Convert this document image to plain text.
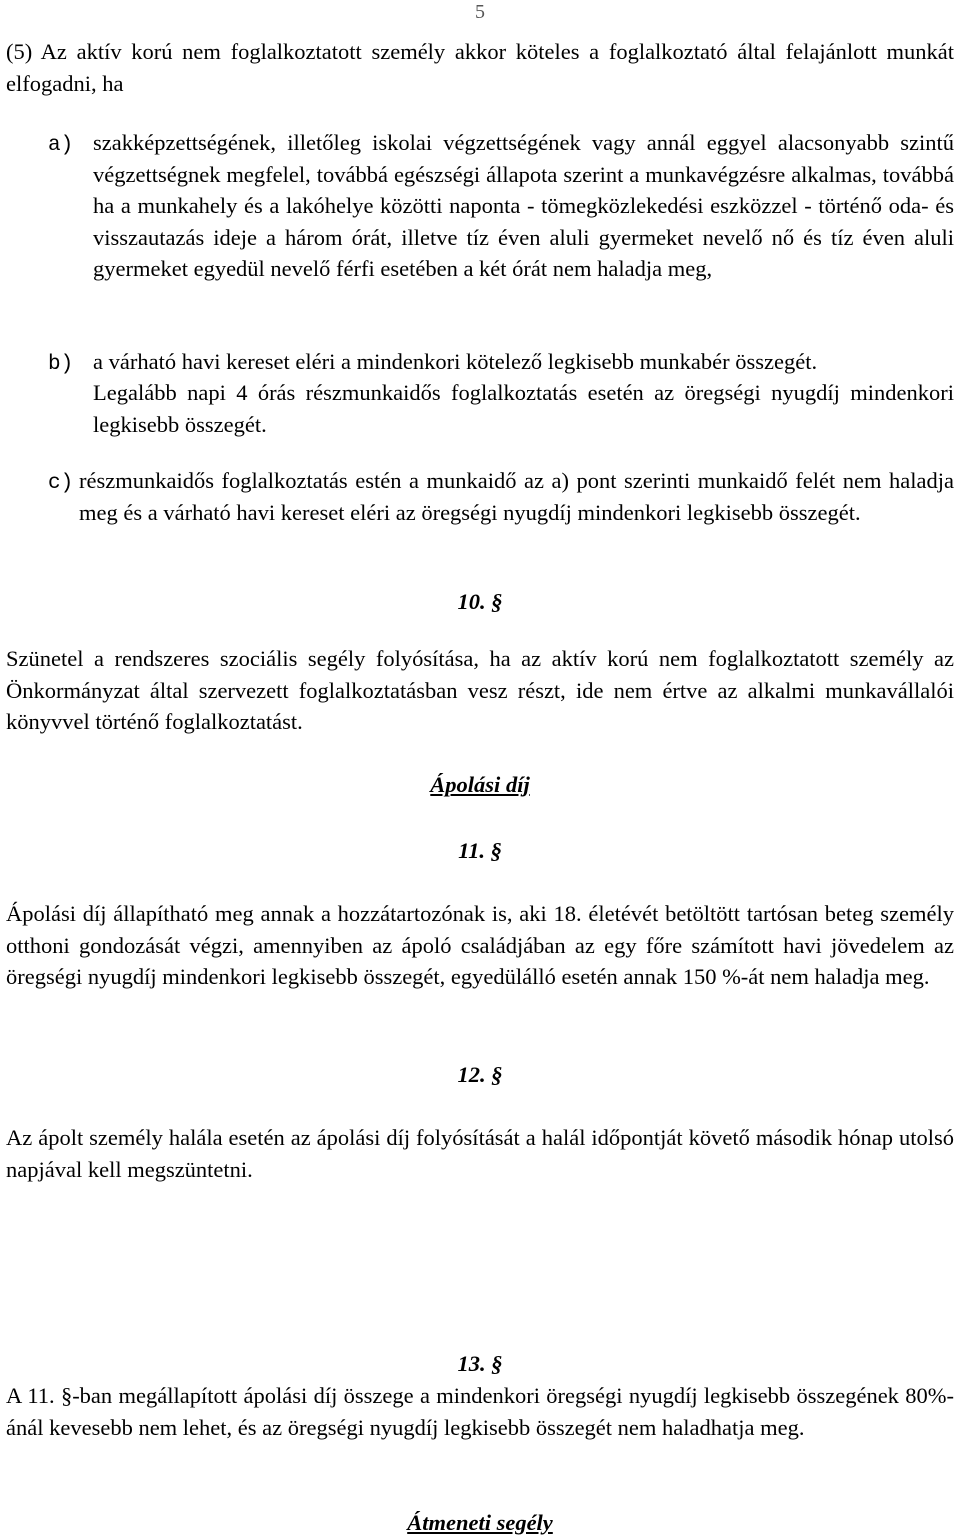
5
(5) Az aktív korú nem foglalkoztatott személy akkor köteles a foglalkoztató által felajánlott munkát elfogadni, ha
a) szakképzettségének, illetőleg iskolai végzettségének vagy annál eggyel alacsonyabb szintű végzettségnek megfelel, továbbá egészségi állapota szerint a munkavégzésre alkalmas, továbbá ha a munkahely és a lakóhelye közötti naponta - tömegközlekedési eszközzel - történő oda- és visszautazás ideje a három órát, illetve tíz éven aluli gyermeket nevelő nő és tíz éven aluli gyermeket egyedül nevelő férfi esetében a két órát nem haladja meg,
b) a várható havi kereset eléri a mindenkori kötelező legkisebb munkabér összegét.
Legalább napi 4 órás részmunkaidős foglalkoztatás esetén az öregségi nyugdíj mindenkori legkisebb összegét.
c) részmunkaidős foglalkoztatás estén a munkaidő az a) pont szerinti munkaidő felét nem haladja meg és a várható havi kereset eléri az öregségi nyugdíj mindenkori legkisebb összegét.
10. §
Szünetel a rendszeres szociális segély folyósítása, ha az aktív korú nem foglalkoztatott személy az Önkormányzat által szervezett foglalkoztatásban vesz részt, ide nem értve az alkalmi munkavállalói könyvvel történő foglalkoztatást.
Ápolási díj
11. §
Ápolási díj állapítható meg annak a hozzátartozónak is, aki 18. életévét betöltött tartósan beteg személy otthoni gondozását végzi, amennyiben az ápoló családjában az egy főre számított havi jövedelem az öregségi nyugdíj mindenkori legkisebb összegét, egyedülálló esetén annak 150 %-át nem haladja meg.
12. §
Az ápolt személy halála esetén az ápolási díj folyósítását a halál időpontját követő második hónap utolsó napjával kell megszüntetni.
13. §
A 11. §-ban megállapított ápolási díj összege a mindenkori öregségi nyugdíj legkisebb összegének 80%-ánál kevesebb nem lehet, és az öregségi nyugdíj legkisebb összegét nem haladhatja meg.
Átmeneti segély
